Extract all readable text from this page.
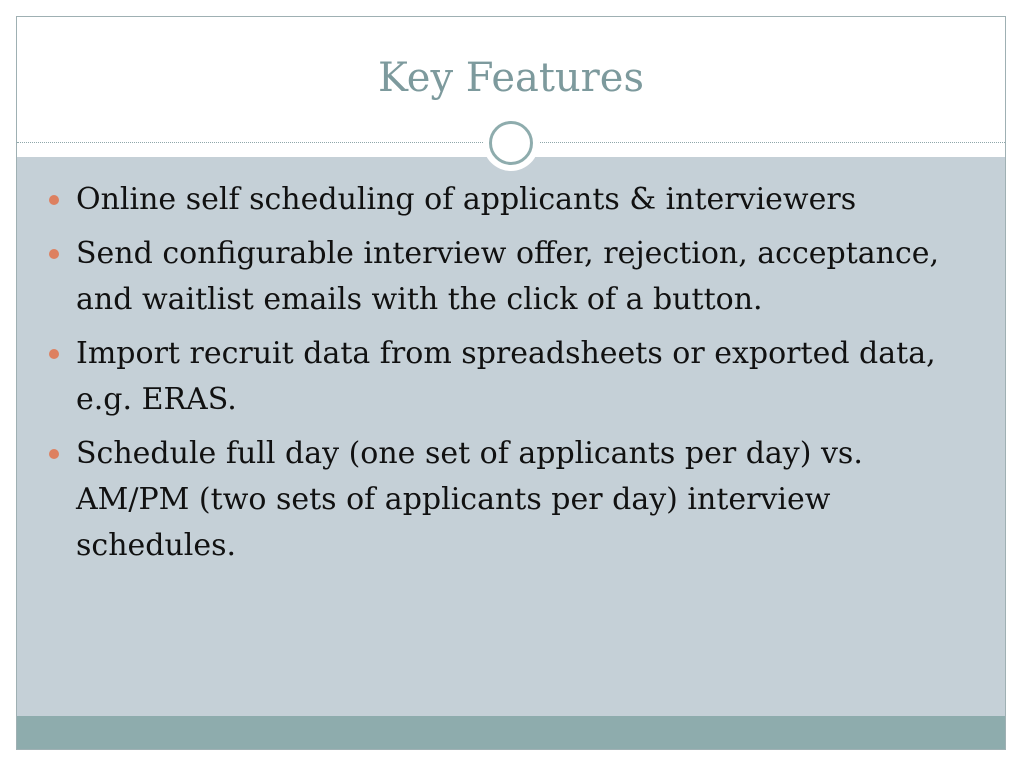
Key Features
Online self scheduling of applicants & interviewers
Send configurable interview offer, rejection, acceptance, and waitlist emails with the click of a button.
Import recruit data from spreadsheets or exported data, e.g. ERAS.
Schedule full day (one set of applicants per day) vs. AM/PM (two sets of applicants per day) interview schedules.
